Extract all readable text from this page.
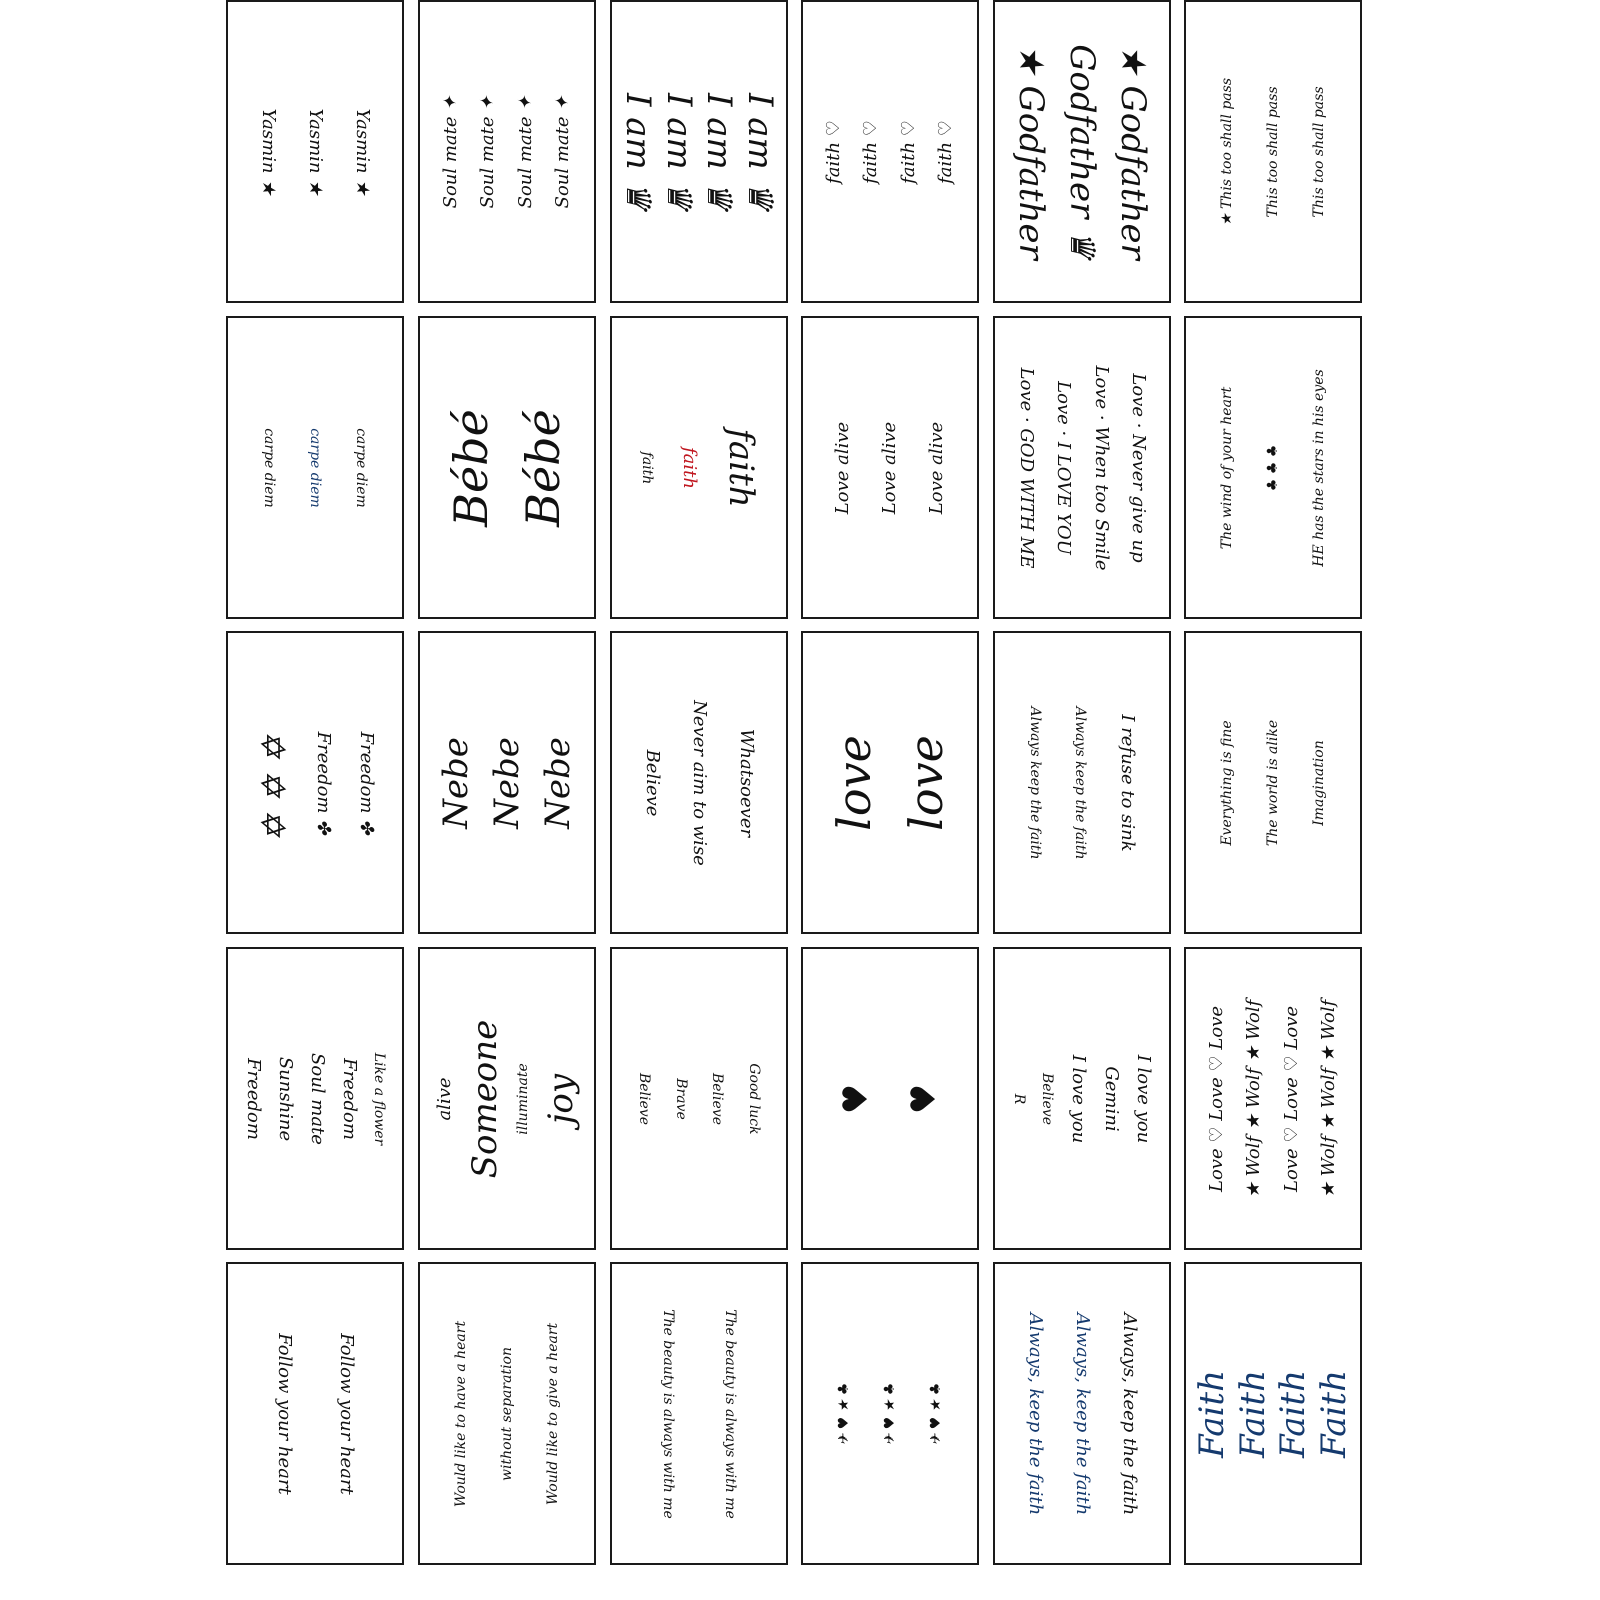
Yasmin ★
Yasmin ★
Yasmin ★	Soul mate ✦ Soul mate ✦ Soul mate ✦ Soul mate ✦	I am ♛
I am ♛
I am ♛
I am ♛	faith ♡ faith ♡ faith ♡ faith ♡	★ Godfather
Godfather ♛
★ Godfather	★ This too shall pass This too shall pass This too shall pass
carpe diem
carpe diem
carpe diem	Bébé Bébé	faith
faith
faith	Love alive Love alive Love alive	Love · Never give up
Love · When too Smile
Love · I LOVE YOU
Love · GOD WITH ME	The wind of your heart ♣ ♣ ♣ HE has the stars in his eyes
Freedom ✤
Freedom ✤
✡ ✡ ✡	Nebe Nebe Nebe	Whatsoever
Never aim to wise
Believe	love love	I refuse to sink
Always keep the faith
Always keep the faith	Everything is fine The world is alike Imagination
Like a flower
Freedom
Soul mate
Sunshine
Freedom	alive Someone illuminate joy	Good luck
Believe
Brave
Believe	♥ ♥	I love you
Gemini
I love you
Believe
R	Love ♡ Love ♡ Love ★ Wolf ★ Wolf ★ Wolf Love ♡ Love ♡ Love ★ Wolf ★ Wolf ★ Wolf
Follow your heart
Follow your heart	Would like to have a heart without separation Would like to give a heart	The beauty is always with me
The beauty is always with me	✈ ♥ ★ ♣ ✈ ♥ ★ ♣ ✈ ♥ ★ ♣	Always, keep the faith
Always, keep the faith
Always, keep the faith	Faith Faith Faith Faith
